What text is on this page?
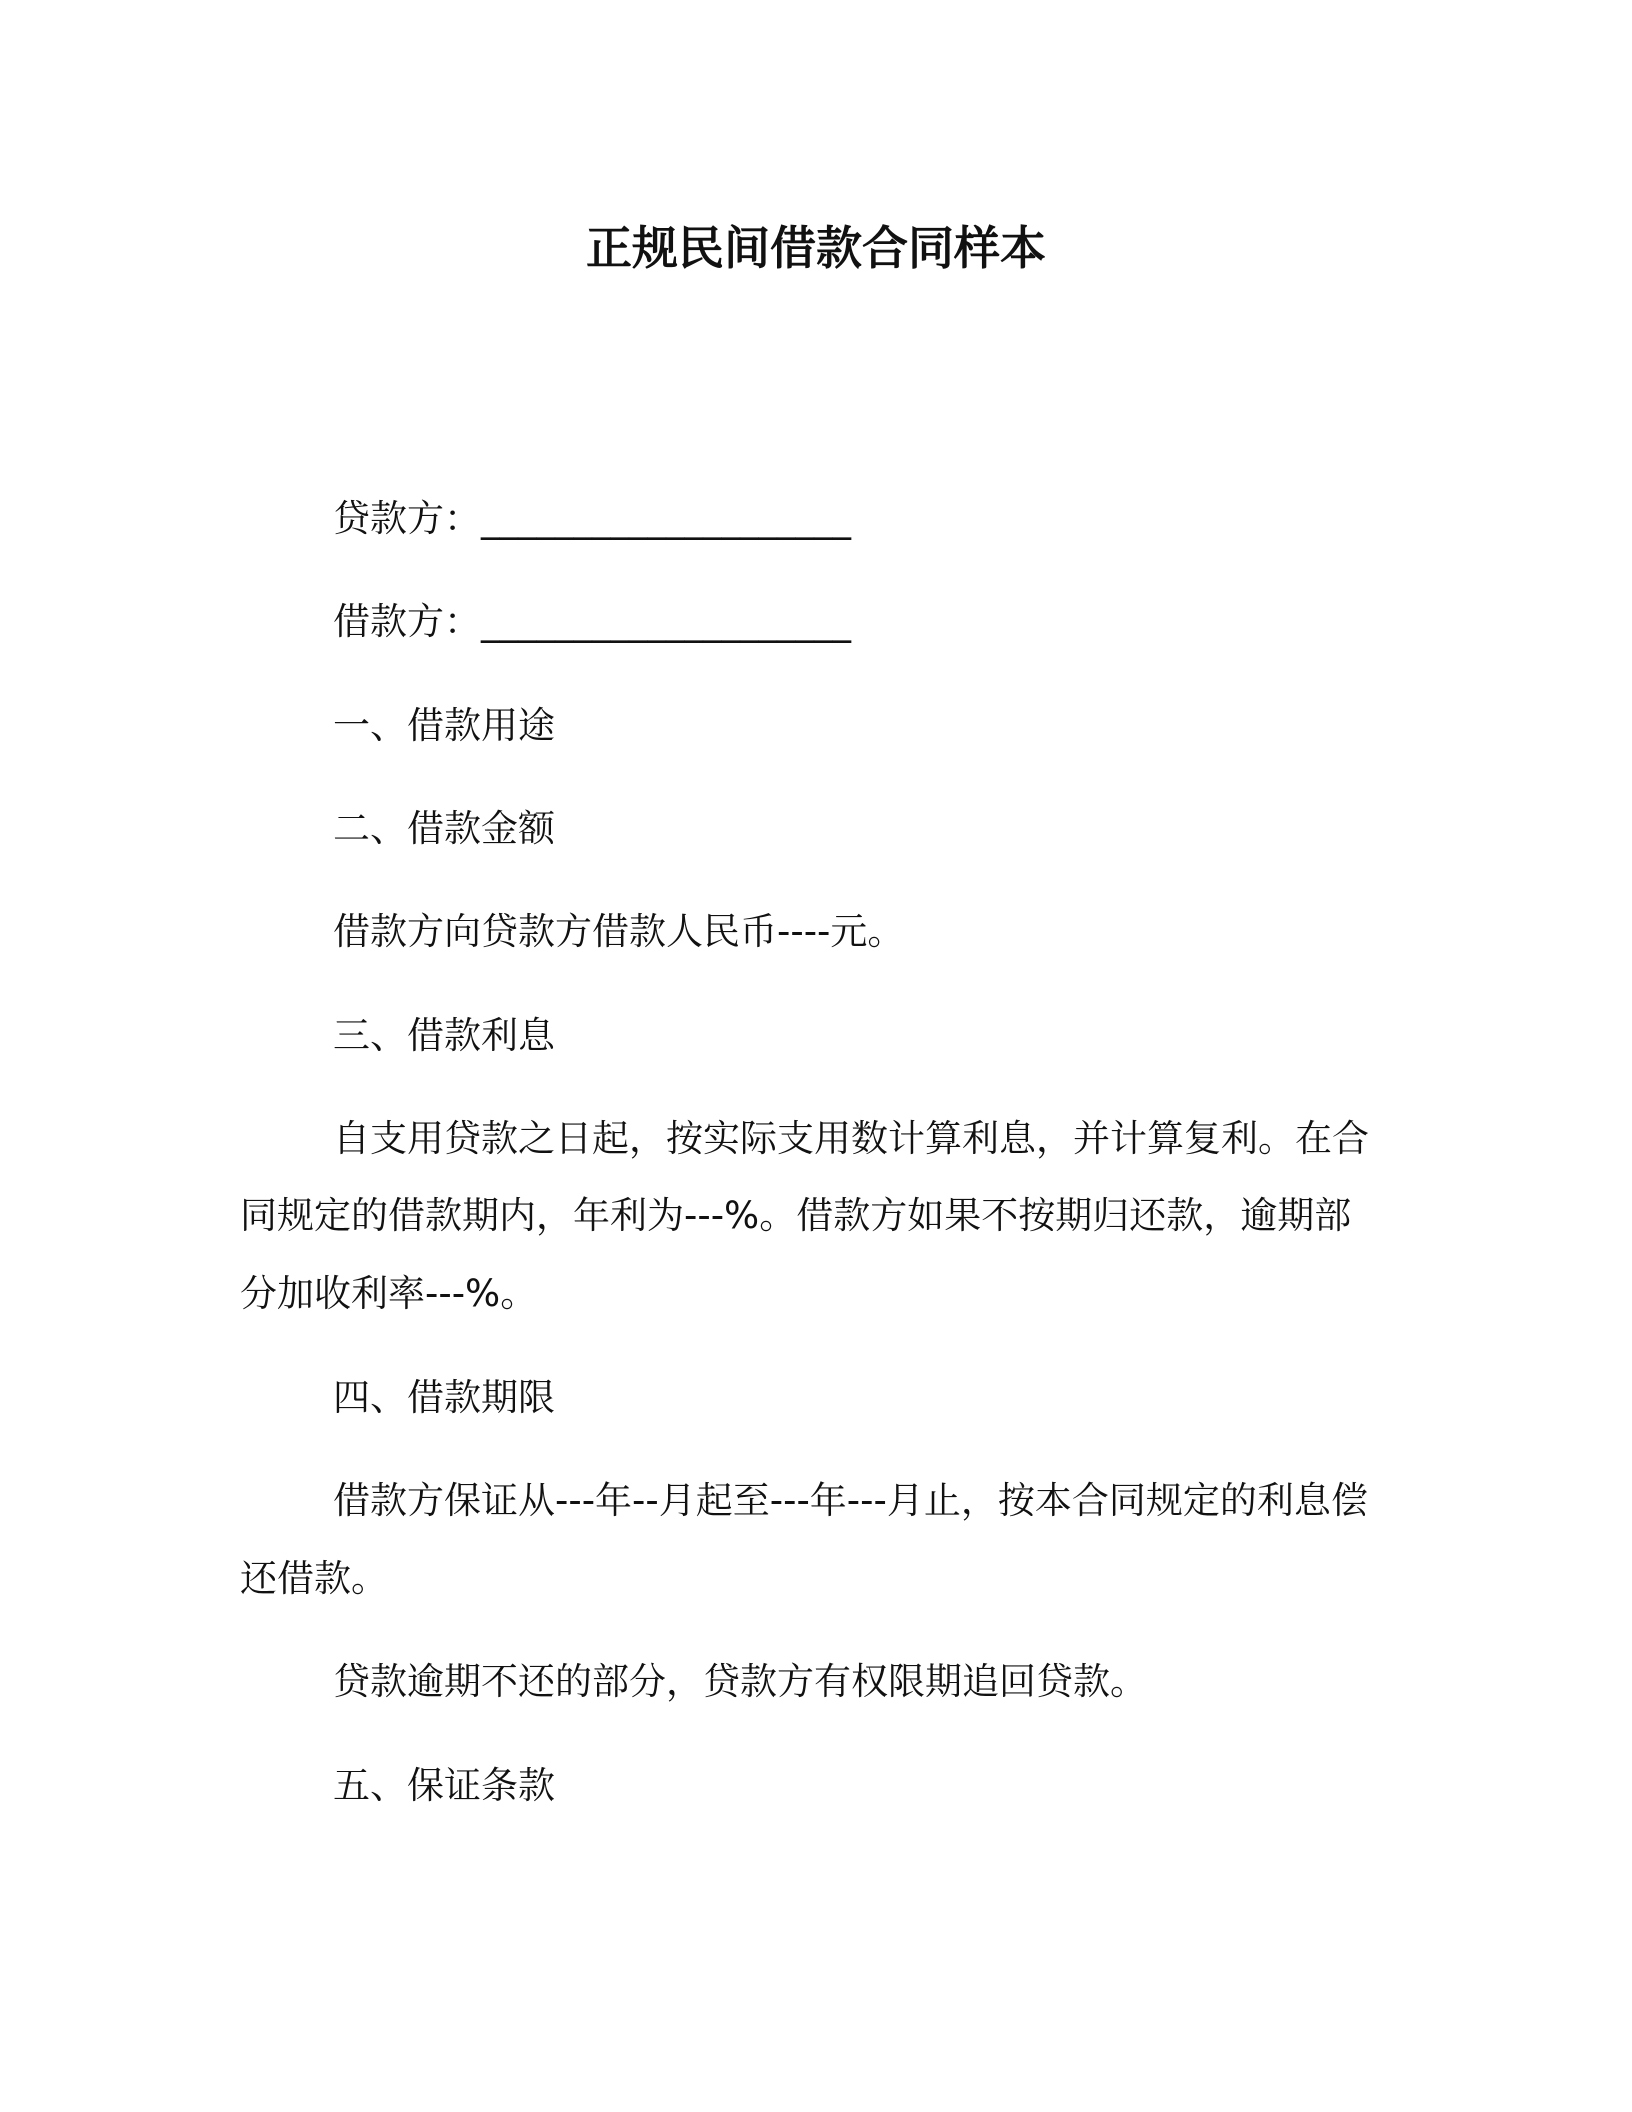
正规民间借款合同样本
贷款方：____________________
借款方：____________________
一、借款用途
二、借款金额
借款方向贷款方借款人民币----元。
三、借款利息
自支用贷款之日起，按实际支用数计算利息，并计算复利。在合
同规定的借款期内，年利为---%。借款方如果不按期归还款，逾期部
分加收利率---%。
四、借款期限
借款方保证从---年--月起至---年---月止，按本合同规定的利息偿
还借款。
贷款逾期不还的部分，贷款方有权限期追回贷款。
五、保证条款
